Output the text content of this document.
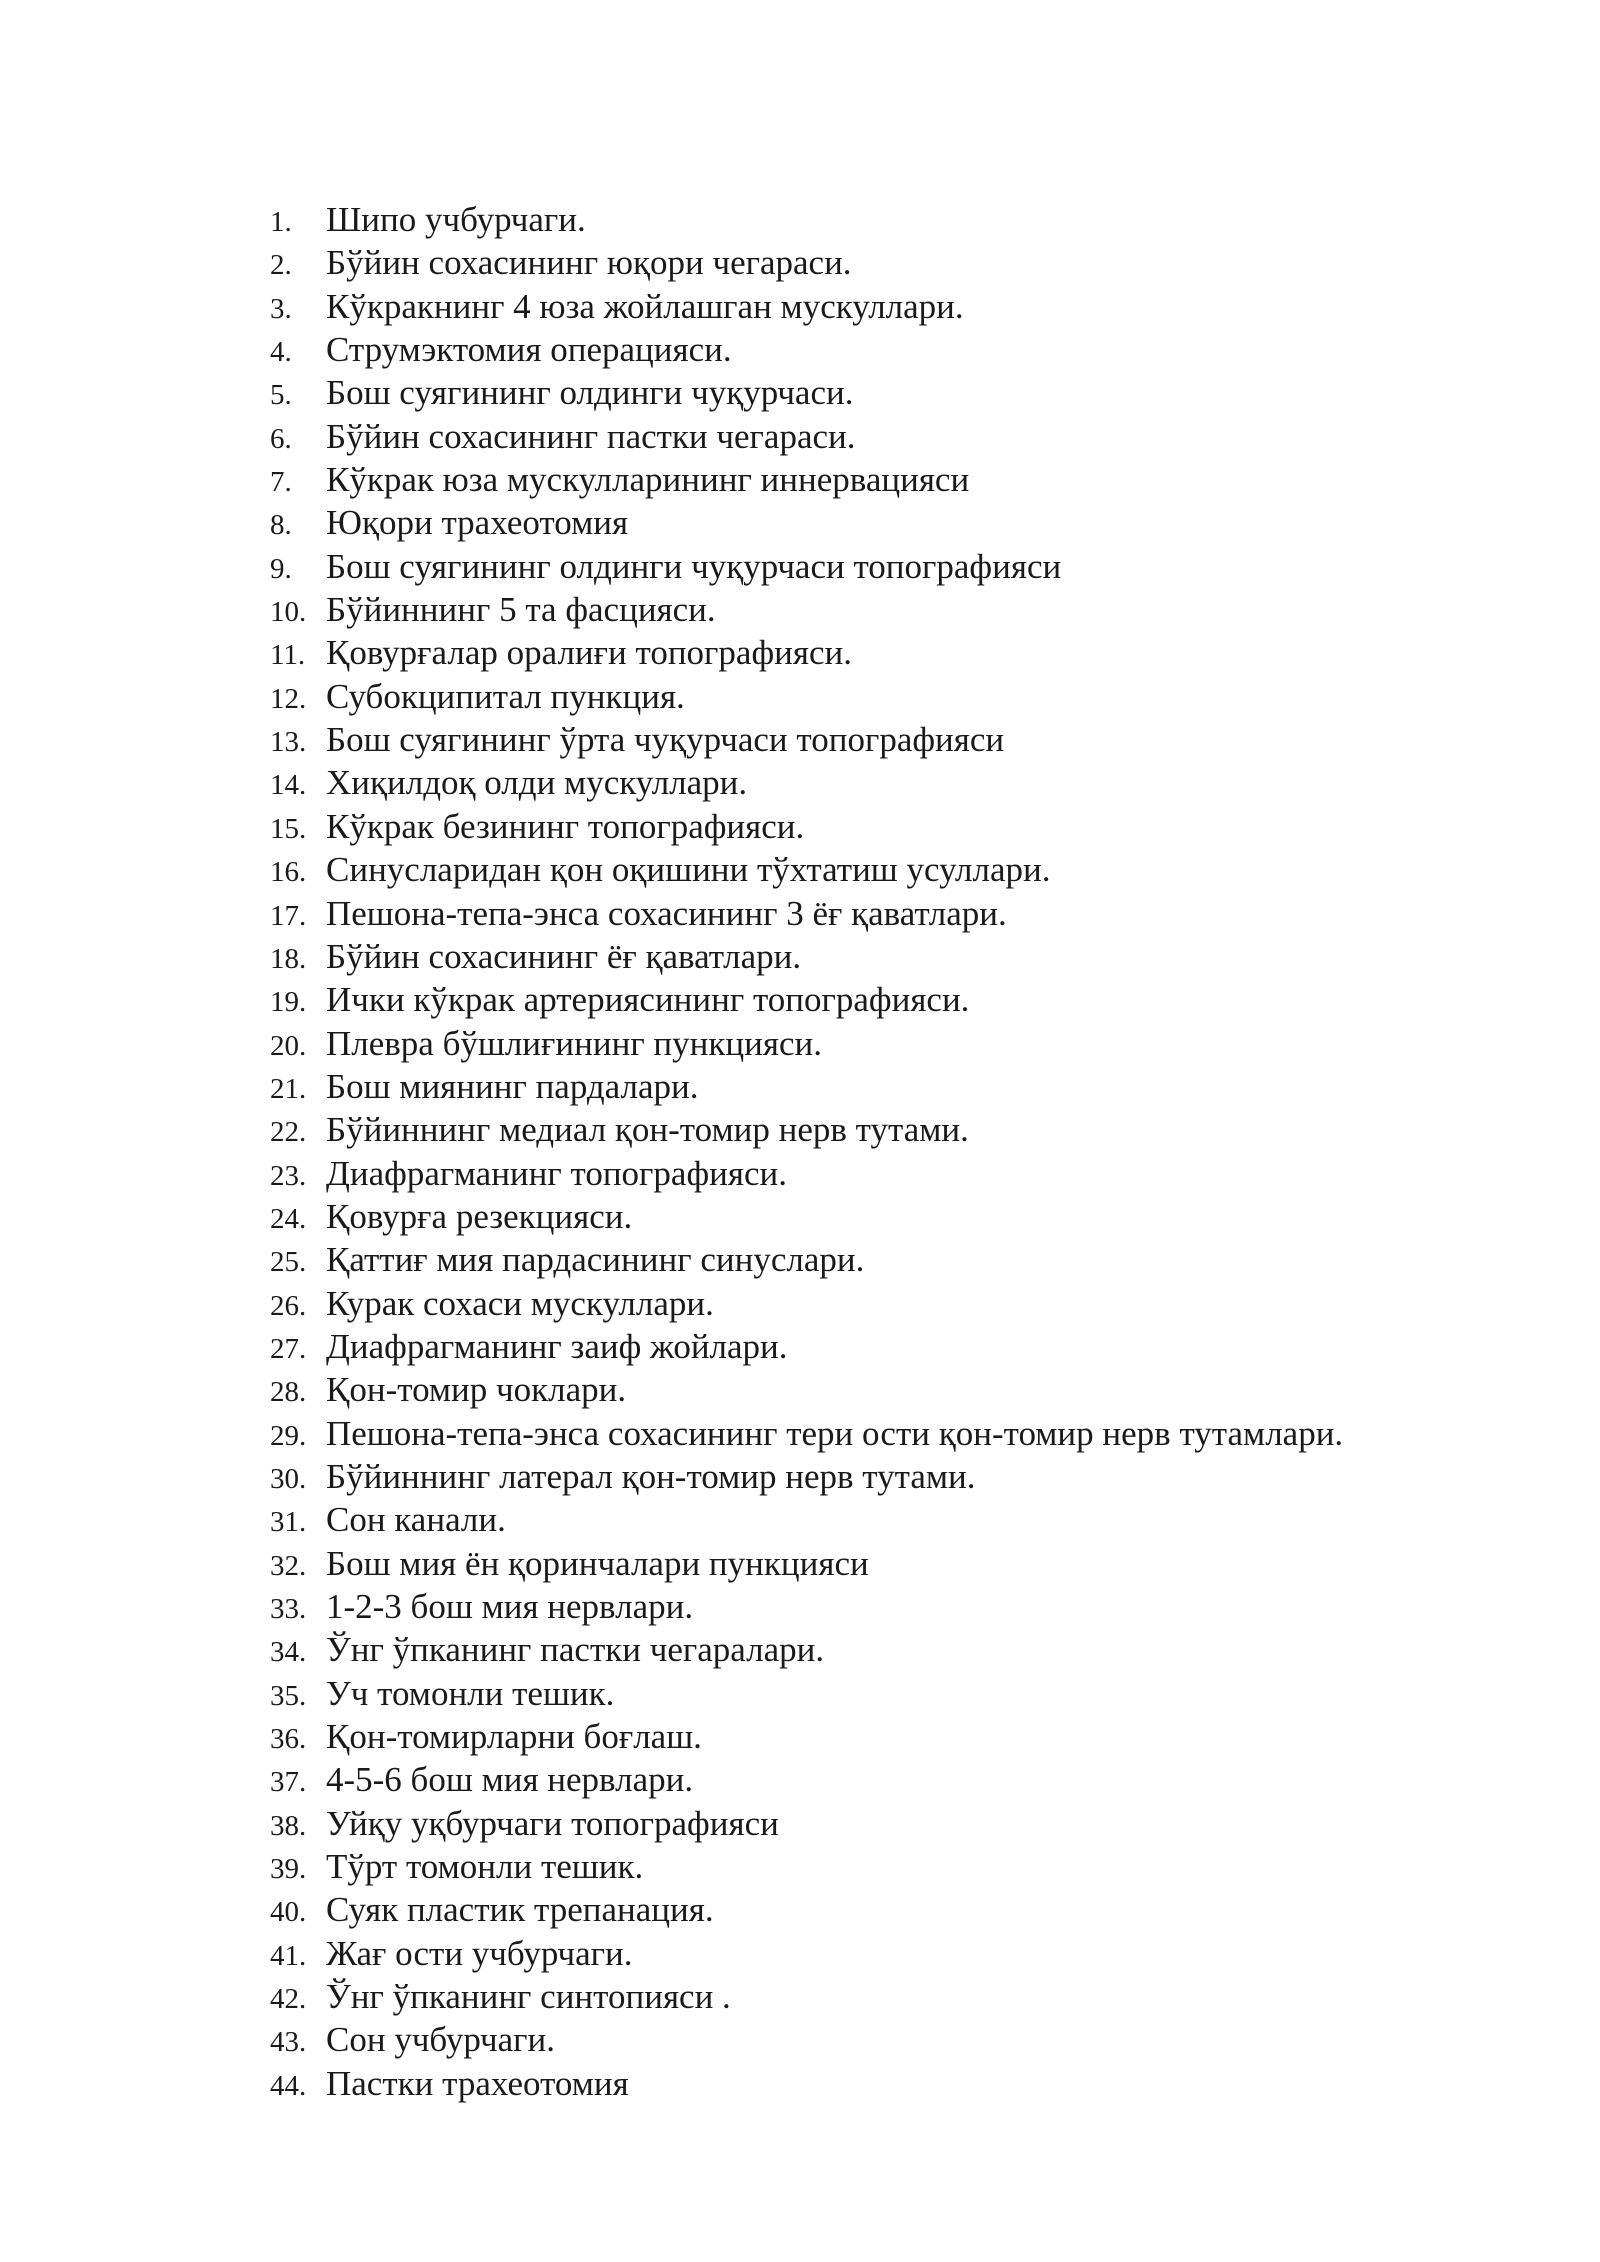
1. Шипо учбурчаги.
2. Бўйин сохасининг юқори чегараси.
3. Кўкракнинг 4 юза жойлашган мускуллари.
4. Струмэктомия операцияси.
5. Бош суягининг олдинги чуқурчаси.
6. Бўйин сохасининг пастки чегараси.
7. Кўкрак юза мускулларининг иннервацияси
8. Юқори трахеотомия
9. Бош суягининг олдинги чуқурчаси топографияси
10. Бўйиннинг 5 та фасцияси.
11. Қовурғалар оралиғи топографияси.
12. Субокципитал пункция.
13. Бош суягининг ўрта чуқурчаси топографияси
14. Хиқилдоқ олди мускуллари.
15. Кўкрак безининг топографияси.
16. Синусларидан қон оқишини тўхтатиш усуллари.
17. Пешона-тепа-энса сохасининг 3 ёғ қаватлари.
18. Бўйин сохасининг ёғ қаватлари.
19. Ички кўкрак артериясининг топографияси.
20. Плевра бўшлиғининг пункцияси.
21. Бош миянинг пардалари.
22. Бўйиннинг медиал қон-томир нерв тутами.
23. Диафрагманинг топографияси.
24. Қовурға резекцияси.
25. Қаттиғ мия пардасининг синуслари.
26. Курак сохаси мускуллари.
27. Диафрагманинг заиф жойлари.
28. Қон-томир чоклари.
29. Пешона-тепа-энса сохасининг тери ости қон-томир нерв тутамлари.
30. Бўйиннинг латерал қон-томир нерв тутами.
31. Сон канали.
32. Бош мия ён қоринчалари пункцияси
33. 1-2-3 бош мия нервлари.
34. Ўнг ўпканинг пастки чегаралари.
35. Уч томонли тешик.
36. Қон-томирларни боғлаш.
37. 4-5-6 бош мия нервлари.
38. Уйқу уқбурчаги топографияси
39. Тўрт томонли тешик.
40. Суяк пластик трепанация.
41. Жағ ости учбурчаги.
42. Ўнг ўпканинг синтопияси .
43. Сон учбурчаги.
44. Пастки трахеотомия
